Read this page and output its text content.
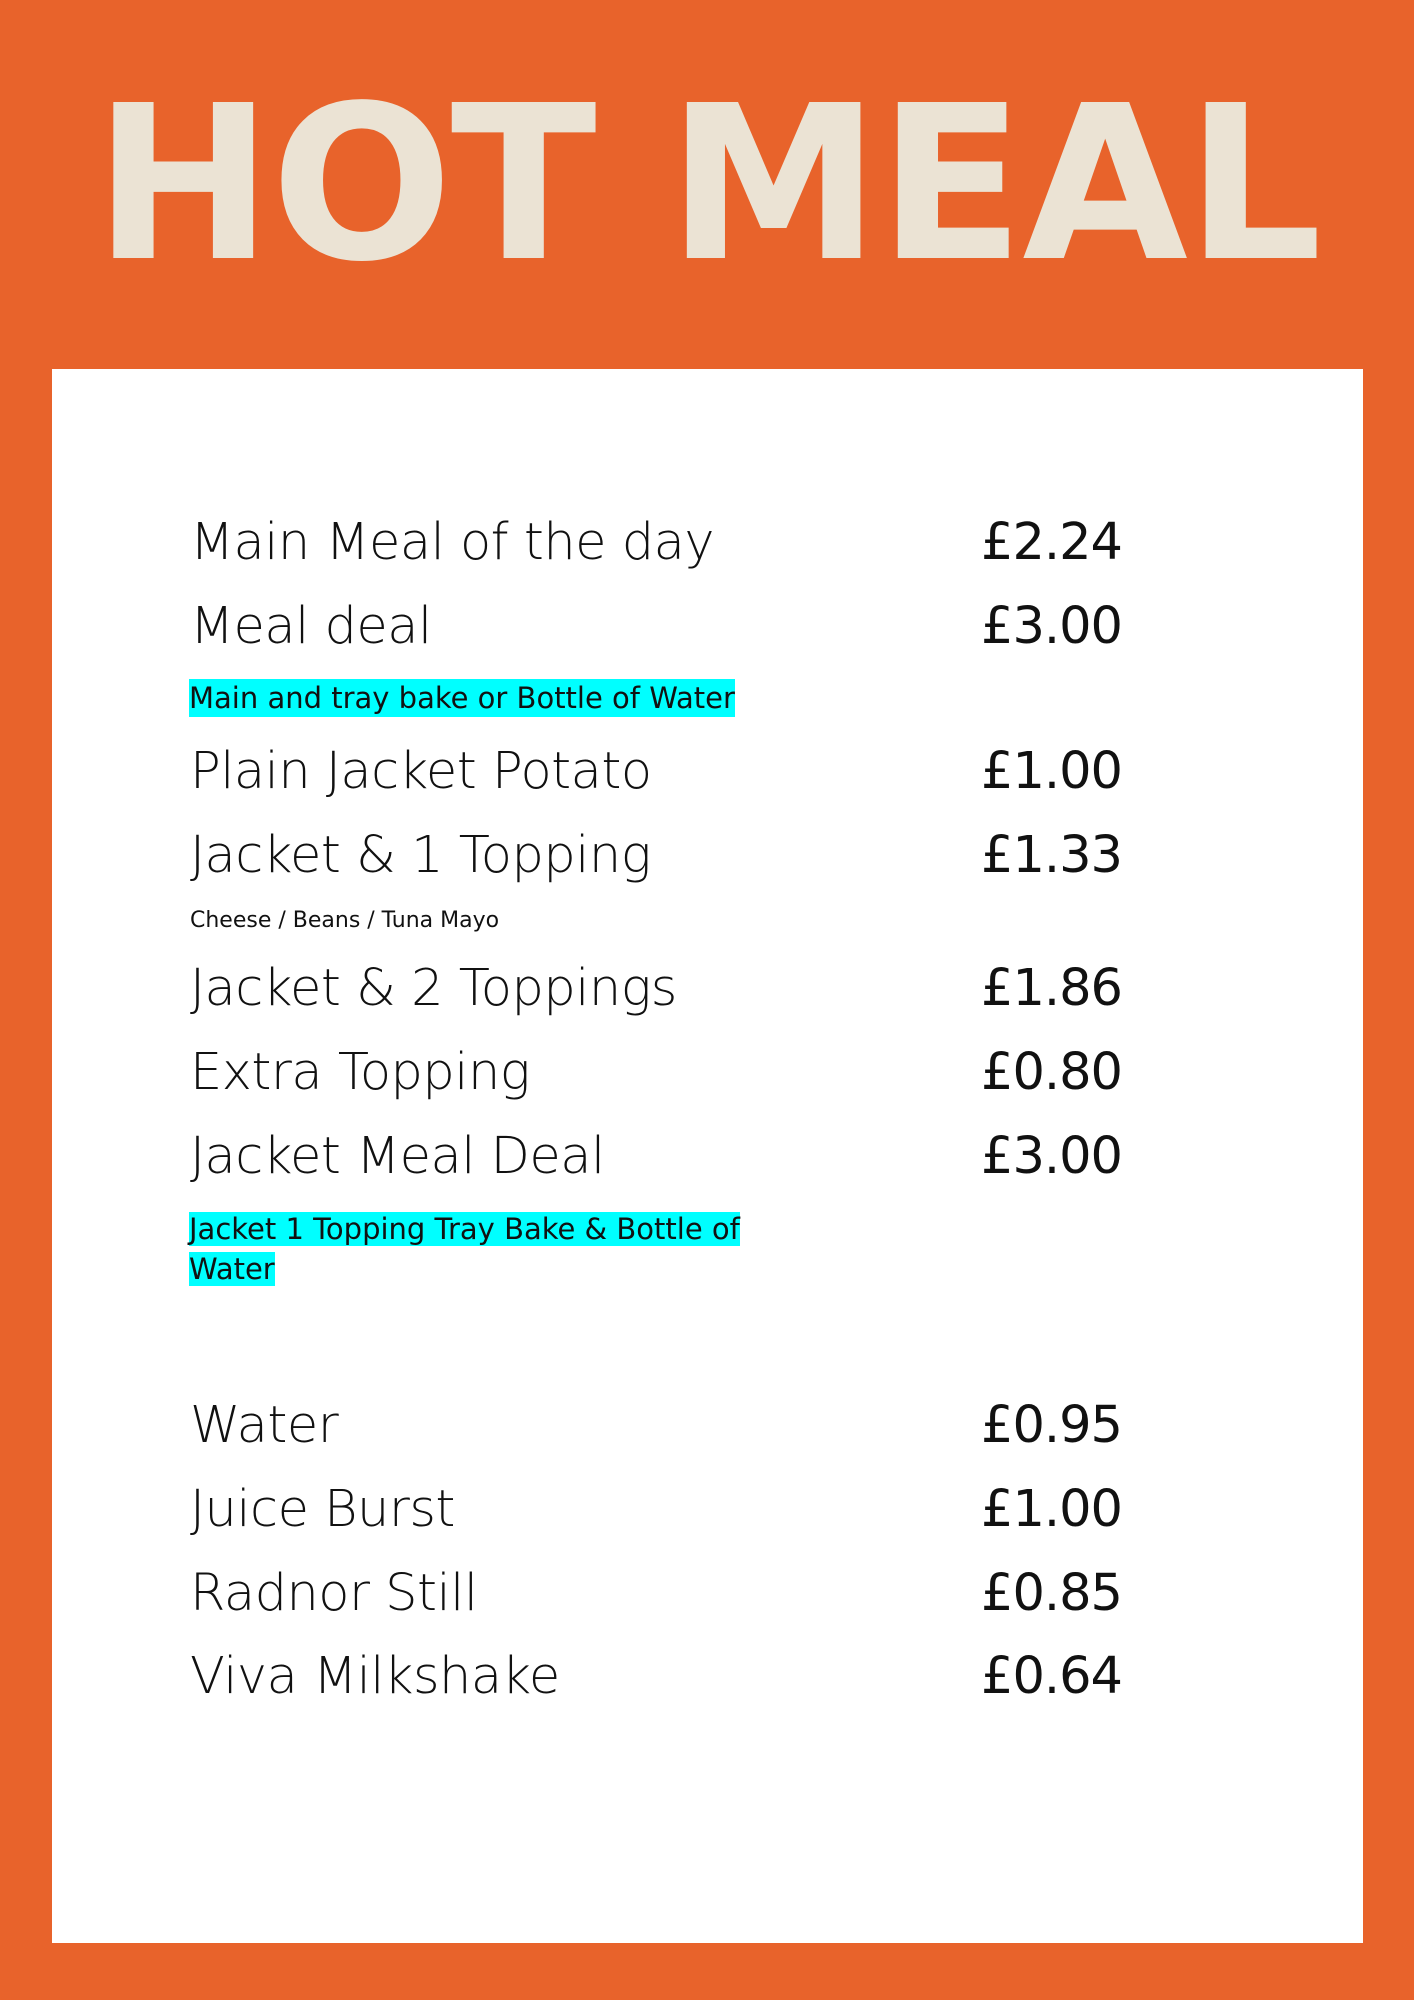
HOT MEAL
Main Meal of the day	£2.24
Meal deal	£3.00
Main and tray bake or Bottle of Water
Plain Jacket Potato	£1.00
Jacket & 1 Topping	£1.33
Cheese / Beans / Tuna Mayo
Jacket & 2 Toppings	£1.86
Extra Topping	£0.80
Jacket Meal Deal	£3.00
Jacket 1 Topping Tray Bake & Bottle of
Water
Water	£0.95
Juice Burst	£1.00
Radnor Still	£0.85
Viva Milkshake	£0.64
